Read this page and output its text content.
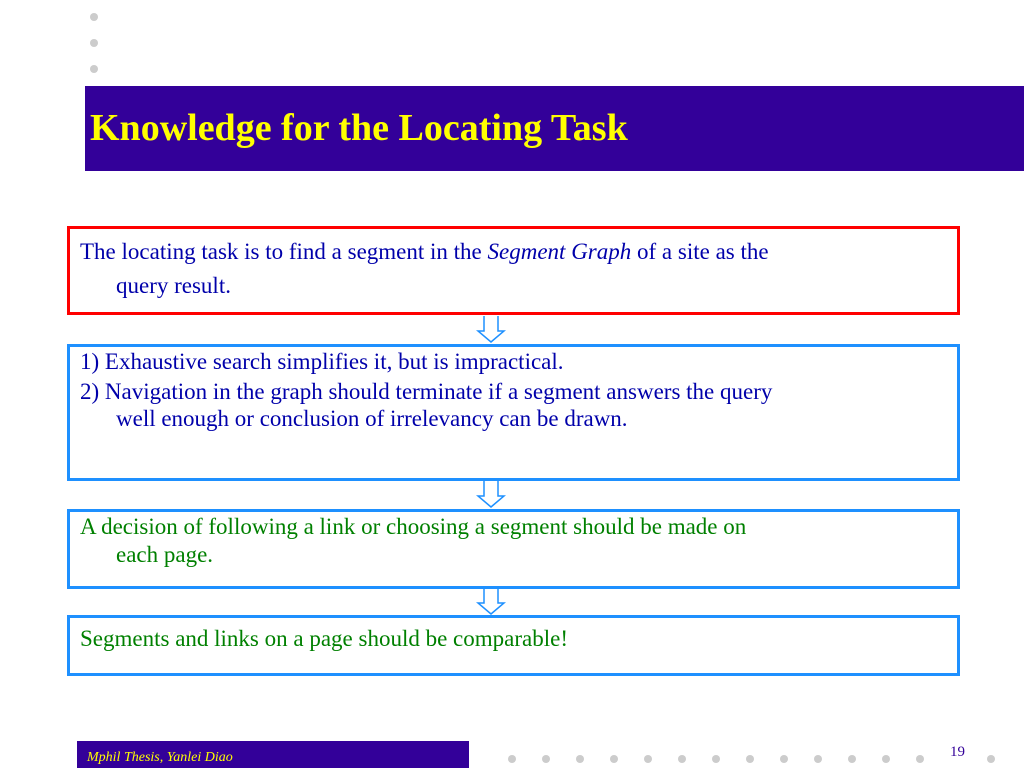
Knowledge for the Locating Task
The locating task is to find a segment in the Segment Graph of a site as the
query result.
1) Exhaustive search simplifies it, but is impractical.
2) Navigation in the graph should terminate if a segment answers the query
well enough or conclusion of irrelevancy can be drawn.
A decision of following a link or choosing a segment should be made on
each page.
Segments and links on a page should be comparable!
Mphil Thesis, Yanlei Diao	19
